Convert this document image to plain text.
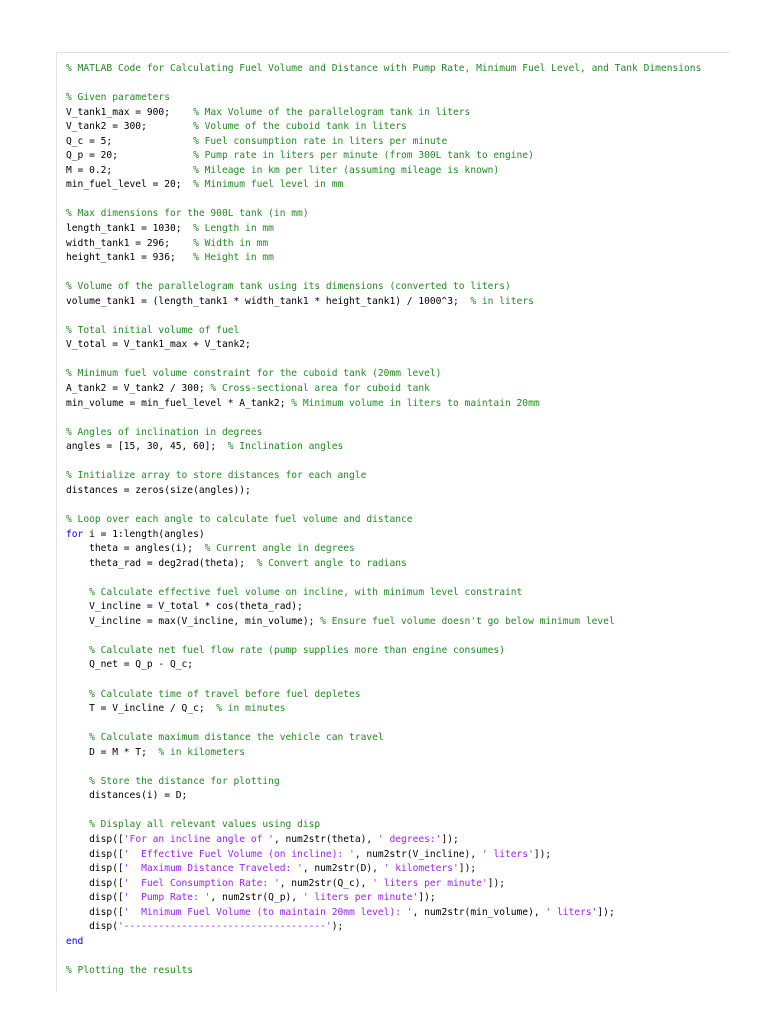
% MATLAB Code for Calculating Fuel Volume and Distance with Pump Rate, Minimum Fuel Level, and Tank Dimensions

% Given parameters
V_tank1_max = 900;    % Max Volume of the parallelogram tank in liters
V_tank2 = 300;        % Volume of the cuboid tank in liters
Q_c = 5;              % Fuel consumption rate in liters per minute
Q_p = 20;             % Pump rate in liters per minute (from 300L tank to engine)
M = 0.2;              % Mileage in km per liter (assuming mileage is known)
min_fuel_level = 20;  % Minimum fuel level in mm

% Max dimensions for the 900L tank (in mm)
length_tank1 = 1030;  % Length in mm
width_tank1 = 296;    % Width in mm
height_tank1 = 936;   % Height in mm

% Volume of the parallelogram tank using its dimensions (converted to liters)
volume_tank1 = (length_tank1 * width_tank1 * height_tank1) / 1000^3;  % in liters

% Total initial volume of fuel
V_total = V_tank1_max + V_tank2;

% Minimum fuel volume constraint for the cuboid tank (20mm level)
A_tank2 = V_tank2 / 300; % Cross-sectional area for cuboid tank
min_volume = min_fuel_level * A_tank2; % Minimum volume in liters to maintain 20mm

% Angles of inclination in degrees
angles = [15, 30, 45, 60];  % Inclination angles

% Initialize array to store distances for each angle
distances = zeros(size(angles));

% Loop over each angle to calculate fuel volume and distance
for i = 1:length(angles)
theta = angles(i);  % Current angle in degrees
theta_rad = deg2rad(theta);  % Convert angle to radians

% Calculate effective fuel volume on incline, with minimum level constraint
V_incline = V_total * cos(theta_rad);
V_incline = max(V_incline, min_volume); % Ensure fuel volume doesn't go below minimum level

% Calculate net fuel flow rate (pump supplies more than engine consumes)
Q_net = Q_p - Q_c;

% Calculate time of travel before fuel depletes
T = V_incline / Q_c;  % in minutes

% Calculate maximum distance the vehicle can travel
D = M * T;  % in kilometers

% Store the distance for plotting
distances(i) = D;

% Display all relevant values using disp
disp(['For an incline angle of ', num2str(theta), ' degrees:']);
disp(['  Effective Fuel Volume (on incline): ', num2str(V_incline), ' liters']);
disp(['  Maximum Distance Traveled: ', num2str(D), ' kilometers']);
disp(['  Fuel Consumption Rate: ', num2str(Q_c), ' liters per minute']);
disp(['  Pump Rate: ', num2str(Q_p), ' liters per minute']);
disp(['  Minimum Fuel Volume (to maintain 20mm level): ', num2str(min_volume), ' liters']);
disp('-----------------------------------');
end

% Plotting the results
